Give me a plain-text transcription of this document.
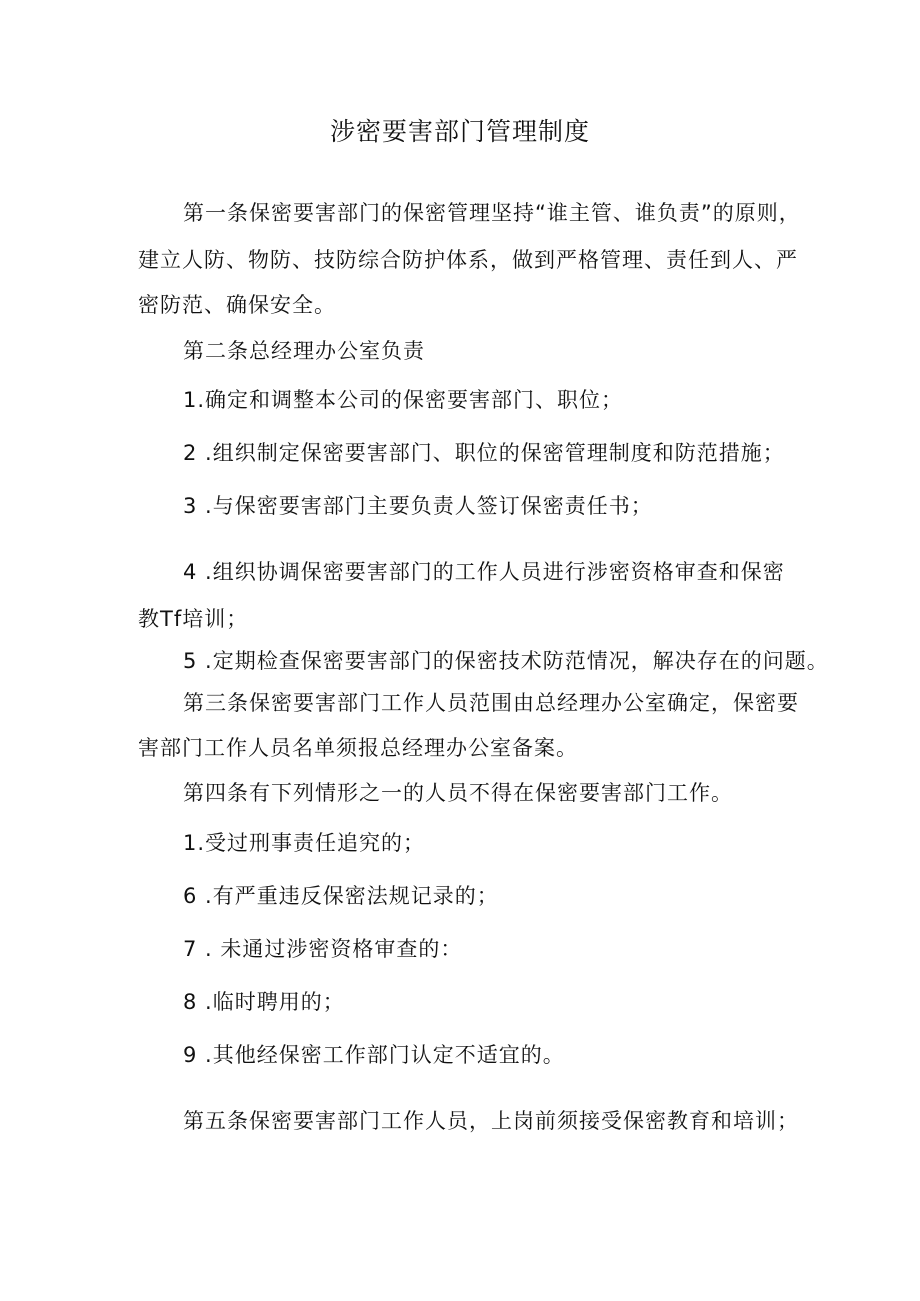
涉密要害部门管理制度
第一条保密要害部门的保密管理坚持“谁主管、谁负责”的原则，
建立人防、物防、技防综合防护体系，做到严格管理、责任到人、严
密防范、确保安全。
第二条总经理办公室负责
1.确定和调整本公司的保密要害部门、职位；
2 .组织制定保密要害部门、职位的保密管理制度和防范措施；
3 .与保密要害部门主要负责人签订保密责任书；
4 .组织协调保密要害部门的工作人员进行涉密资格审查和保密
教Tf培训；
5 .定期检查保密要害部门的保密技术防范情况，解决存在的问题。
第三条保密要害部门工作人员范围由总经理办公室确定，保密要
害部门工作人员名单须报总经理办公室备案。
第四条有下列情形之一的人员不得在保密要害部门工作。
1.受过刑事责任追究的；
6 .有严重违反保密法规记录的；
7 . 未通过涉密资格审查的：
8 .临时聘用的；
9 .其他经保密工作部门认定不适宜的。
第五条保密要害部门工作人员，上岗前须接受保密教育和培训；
